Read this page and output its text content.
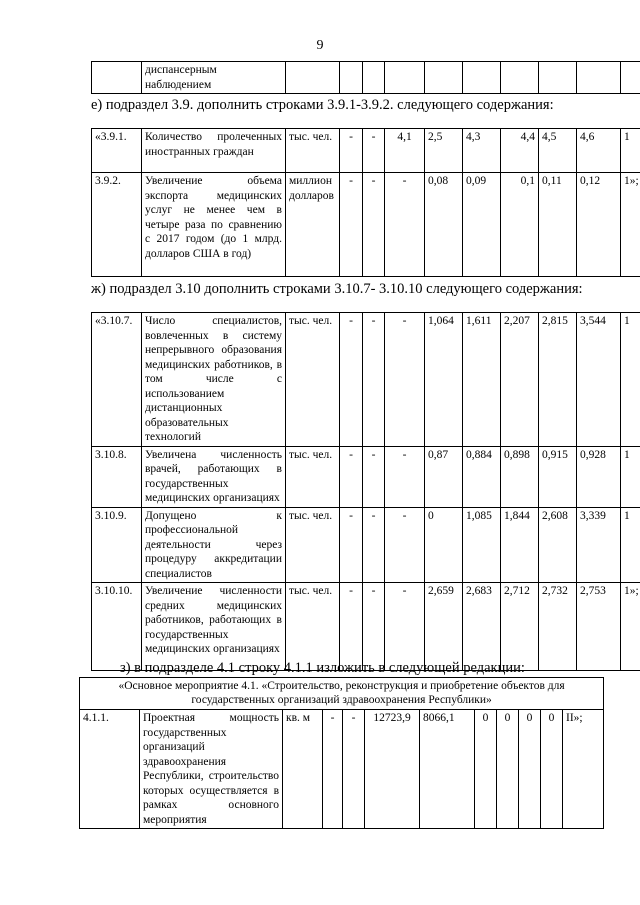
9
	диспансерным наблюдением										
е) подраздел 3.9. дополнить строками 3.9.1-3.9.2. следующего содержания:
«3.9.1.	Количество пролеченных иностранных граждан	тыс. чел.	-	-	4,1	2,5	4,3	4,4	4,5	4,6	1
3.9.2.	Увеличение объема экспорта медицинских услуг не менее чем в четыре раза по сравнению с 2017 годом (до 1 млрд. долларов США в год)	миллион долларов	-	-	-	0,08	0,09	0,1	0,11	0,12	1»;
ж) подраздел 3.10 дополнить строками 3.10.7- 3.10.10 следующего содержания:
«3.10.7.	Число специалистов, вовлеченных в систему непрерывного образования медицинских работников, в том числе с использованием дистанционных образовательных технологий	тыс. чел.	-	-	-	1,064	1,611	2,207	2,815	3,544	1
3.10.8.	Увеличена численность врачей, работающих в государственных медицинских организациях	тыс. чел.	-	-	-	0,87	0,884	0,898	0,915	0,928	1
3.10.9.	Допущено к профессиональной деятельности через процедуру аккредитации специалистов	тыс. чел.	-	-	-	0	1,085	1,844	2,608	3,339	1
3.10.10.	Увеличение численности средних медицинских работников, работающих в государственных медицинских организациях	тыс. чел.	-	-	-	2,659	2,683	2,712	2,732	2,753	1»;
з) в подразделе 4.1 строку 4.1.1 изложить в следующей редакции:
«Основное мероприятие 4.1. «Строительство, реконструкция и приобретение объектов для государственных организаций здравоохранения Республики»
4.1.1.	Проектная мощность государственных организаций здравоохранения Республики, строительство которых осуществляется в рамках основного мероприятия	кв. м	-	-	12723,9	8066,1	0	0	0	0	II»;
